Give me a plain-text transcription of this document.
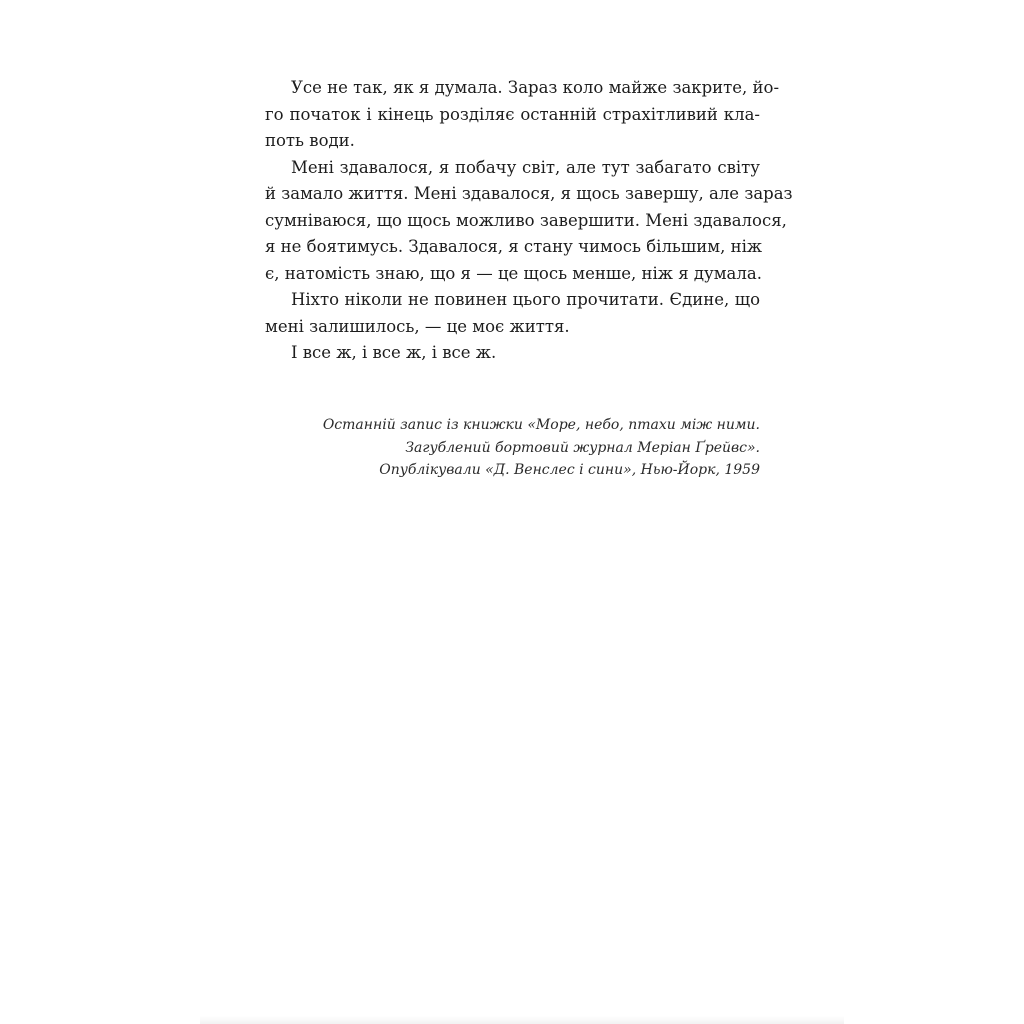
Усе не так, як я думала. Зараз коло майже закрите, йо-
го початок і кінець розділяє останній страхітливий кла-
поть води.
Мені здавалося, я побачу світ, але тут забагато світу
й замало життя. Мені здавалося, я щось завершу, але зараз
сумніваюся, що щось можливо завершити. Мені здавалося,
я не боятимусь. Здавалося, я стану чимось більшим, ніж
є, натомість знаю, що я — це щось менше, ніж я думала.
Ніхто ніколи не повинен цього прочитати. Єдине, що
мені залишилось, — це моє життя.
І все ж, і все ж, і все ж.
Останній запис із книжки «Море, небо, птахи між ними.
Загублений бортовий журнал Меріан Ґрейвс».
Опублікували «Д. Венслес і сини», Нью-Йорк, 1959
